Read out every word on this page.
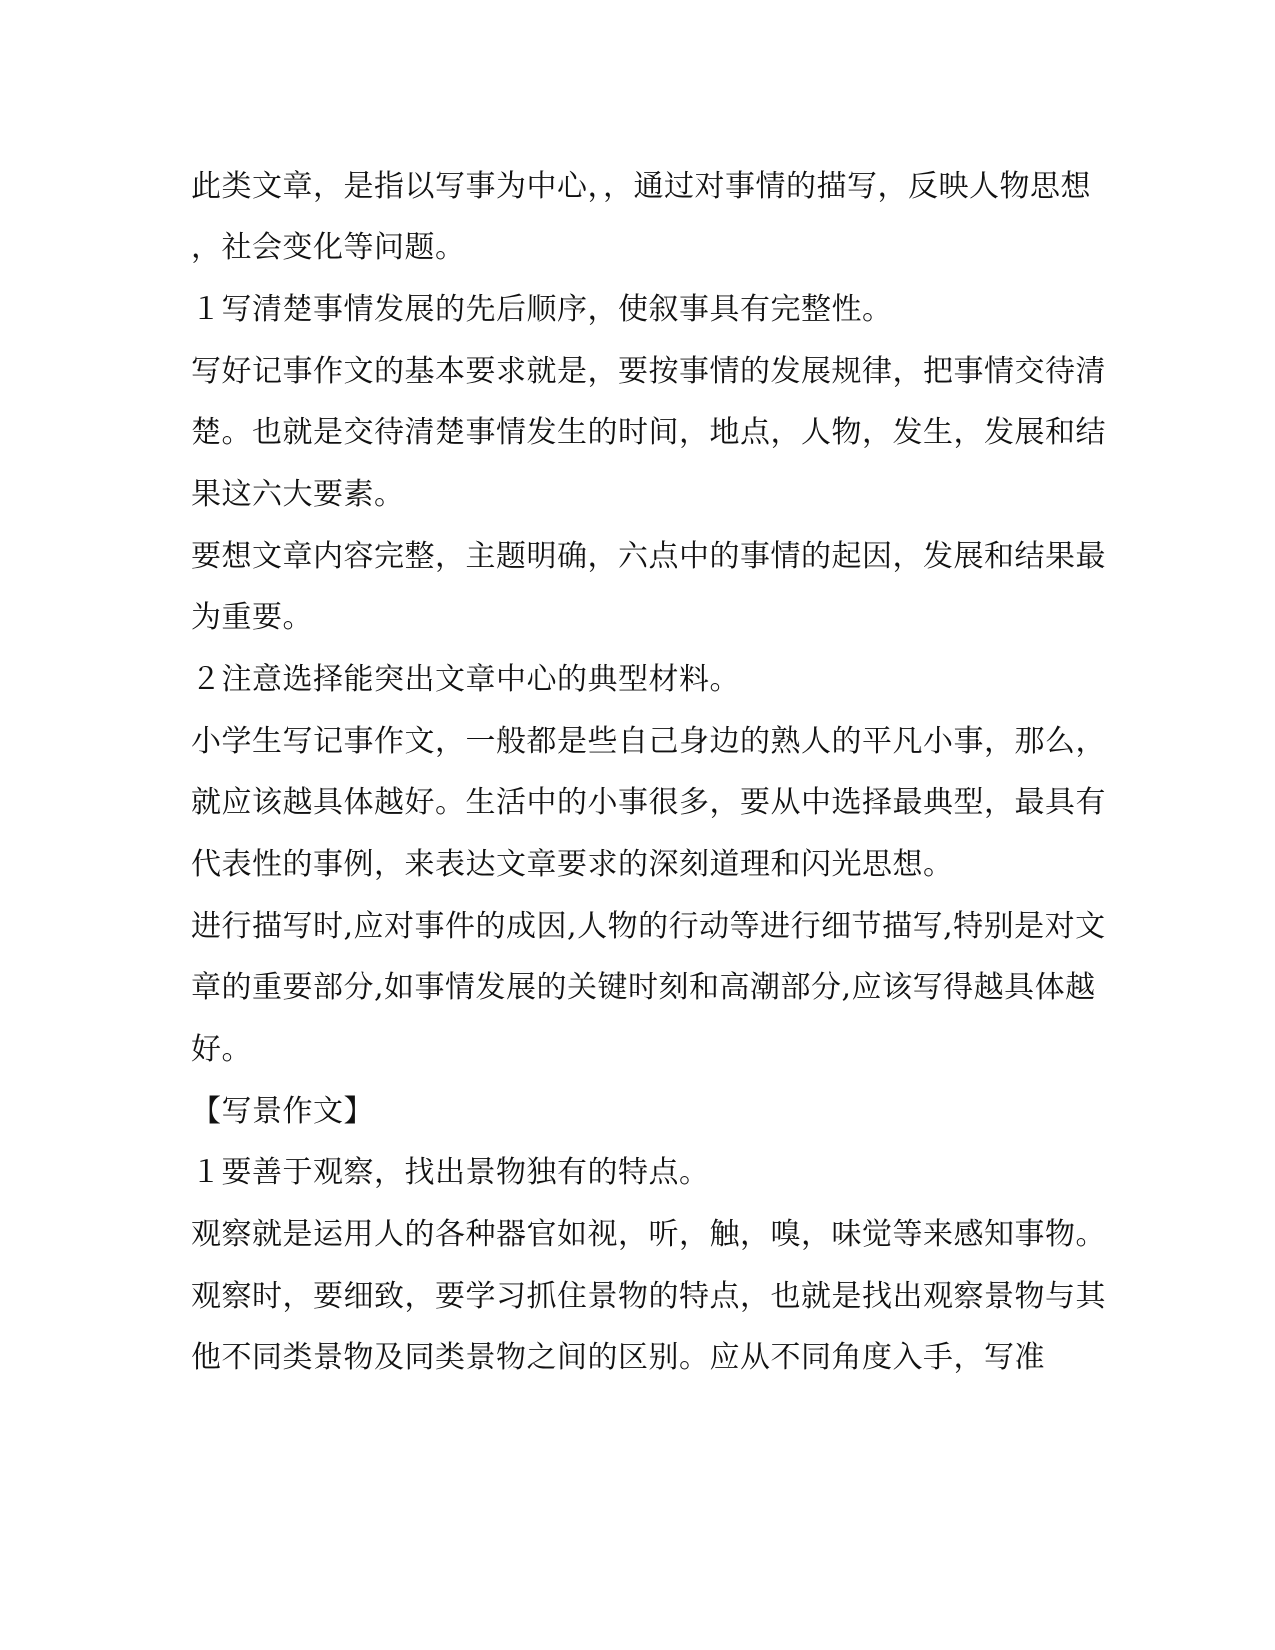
此类文章，是指以写事为中心，，通过对事情的描写，反映人物思想
，社会变化等问题。
１写清楚事情发展的先后顺序，使叙事具有完整性。
写好记事作文的基本要求就是，要按事情的发展规律，把事情交待清
楚。也就是交待清楚事情发生的时间，地点，人物，发生，发展和结
果这六大要素。
要想文章内容完整，主题明确，六点中的事情的起因，发展和结果最
为重要。
２注意选择能突出文章中心的典型材料。
小学生写记事作文，一般都是些自己身边的熟人的平凡小事，那么，
就应该越具体越好。生活中的小事很多，要从中选择最典型，最具有
代表性的事例，来表达文章要求的深刻道理和闪光思想。
进行描写时,应对事件的成因,人物的行动等进行细节描写,特别是对文
章的重要部分,如事情发展的关键时刻和高潮部分,应该写得越具体越
好。
【写景作文】
１要善于观察，找出景物独有的特点。
观察就是运用人的各种器官如视，听，触，嗅，味觉等来感知事物。
观察时，要细致，要学习抓住景物的特点，也就是找出观察景物与其
他不同类景物及同类景物之间的区别。应从不同角度入手，写准
